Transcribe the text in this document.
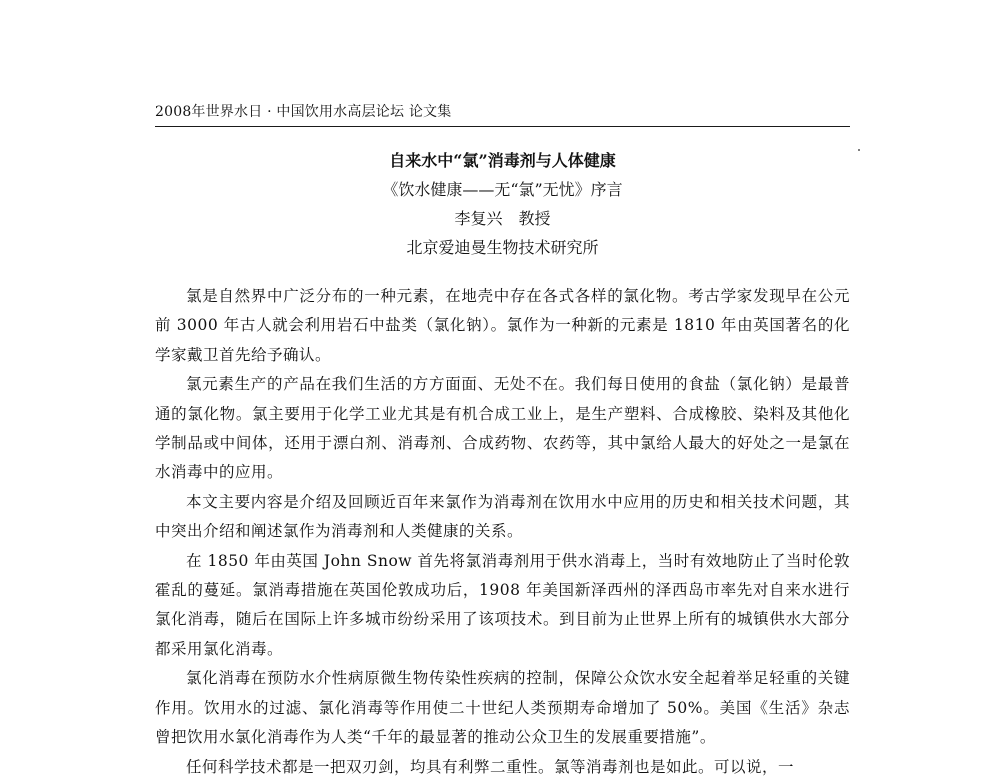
2008年世界水日 · 中国饮用水高层论坛 论文集
自来水中“氯”消毒剂与人体健康
《饮水健康——无“氯”无忧》序言
李复兴　教授
北京爱迪曼生物技术研究所

氯是自然界中广泛分布的一种元素，在地壳中存在各式各样的氯化物。考古学家发现早在公元前 3000 年古人就会利用岩石中盐类（氯化钠）。氯作为一种新的元素是 1810 年由英国著名的化学家戴卫首先给予确认。

氯元素生产的产品在我们生活的方方面面、无处不在。我们每日使用的食盐（氯化钠）是最普通的氯化物。氯主要用于化学工业尤其是有机合成工业上，是生产塑料、合成橡胶、染料及其他化学制品或中间体，还用于漂白剂、消毒剂、合成药物、农药等，其中氯给人最大的好处之一是氯在水消毒中的应用。

本文主要内容是介绍及回顾近百年来氯作为消毒剂在饮用水中应用的历史和相关技术问题，其中突出介绍和阐述氯作为消毒剂和人类健康的关系。

在 1850 年由英国 John Snow 首先将氯消毒剂用于供水消毒上，当时有效地防止了当时伦敦霍乱的蔓延。氯消毒措施在英国伦敦成功后，1908 年美国新泽西州的泽西岛市率先对自来水进行氯化消毒，随后在国际上许多城市纷纷采用了该项技术。到目前为止世界上所有的城镇供水大部分都采用氯化消毒。

氯化消毒在预防水介性病原微生物传染性疾病的控制，保障公众饮水安全起着举足轻重的关键作用。饮用水的过滤、氯化消毒等作用使二十世纪人类预期寿命增加了 50%。美国《生活》杂志曾把饮用水氯化消毒作为人类“千年的最显著的推动公众卫生的发展重要措施”。

任何科学技术都是一把双刃剑，均具有利弊二重性。氯等消毒剂也是如此。可以说，一
